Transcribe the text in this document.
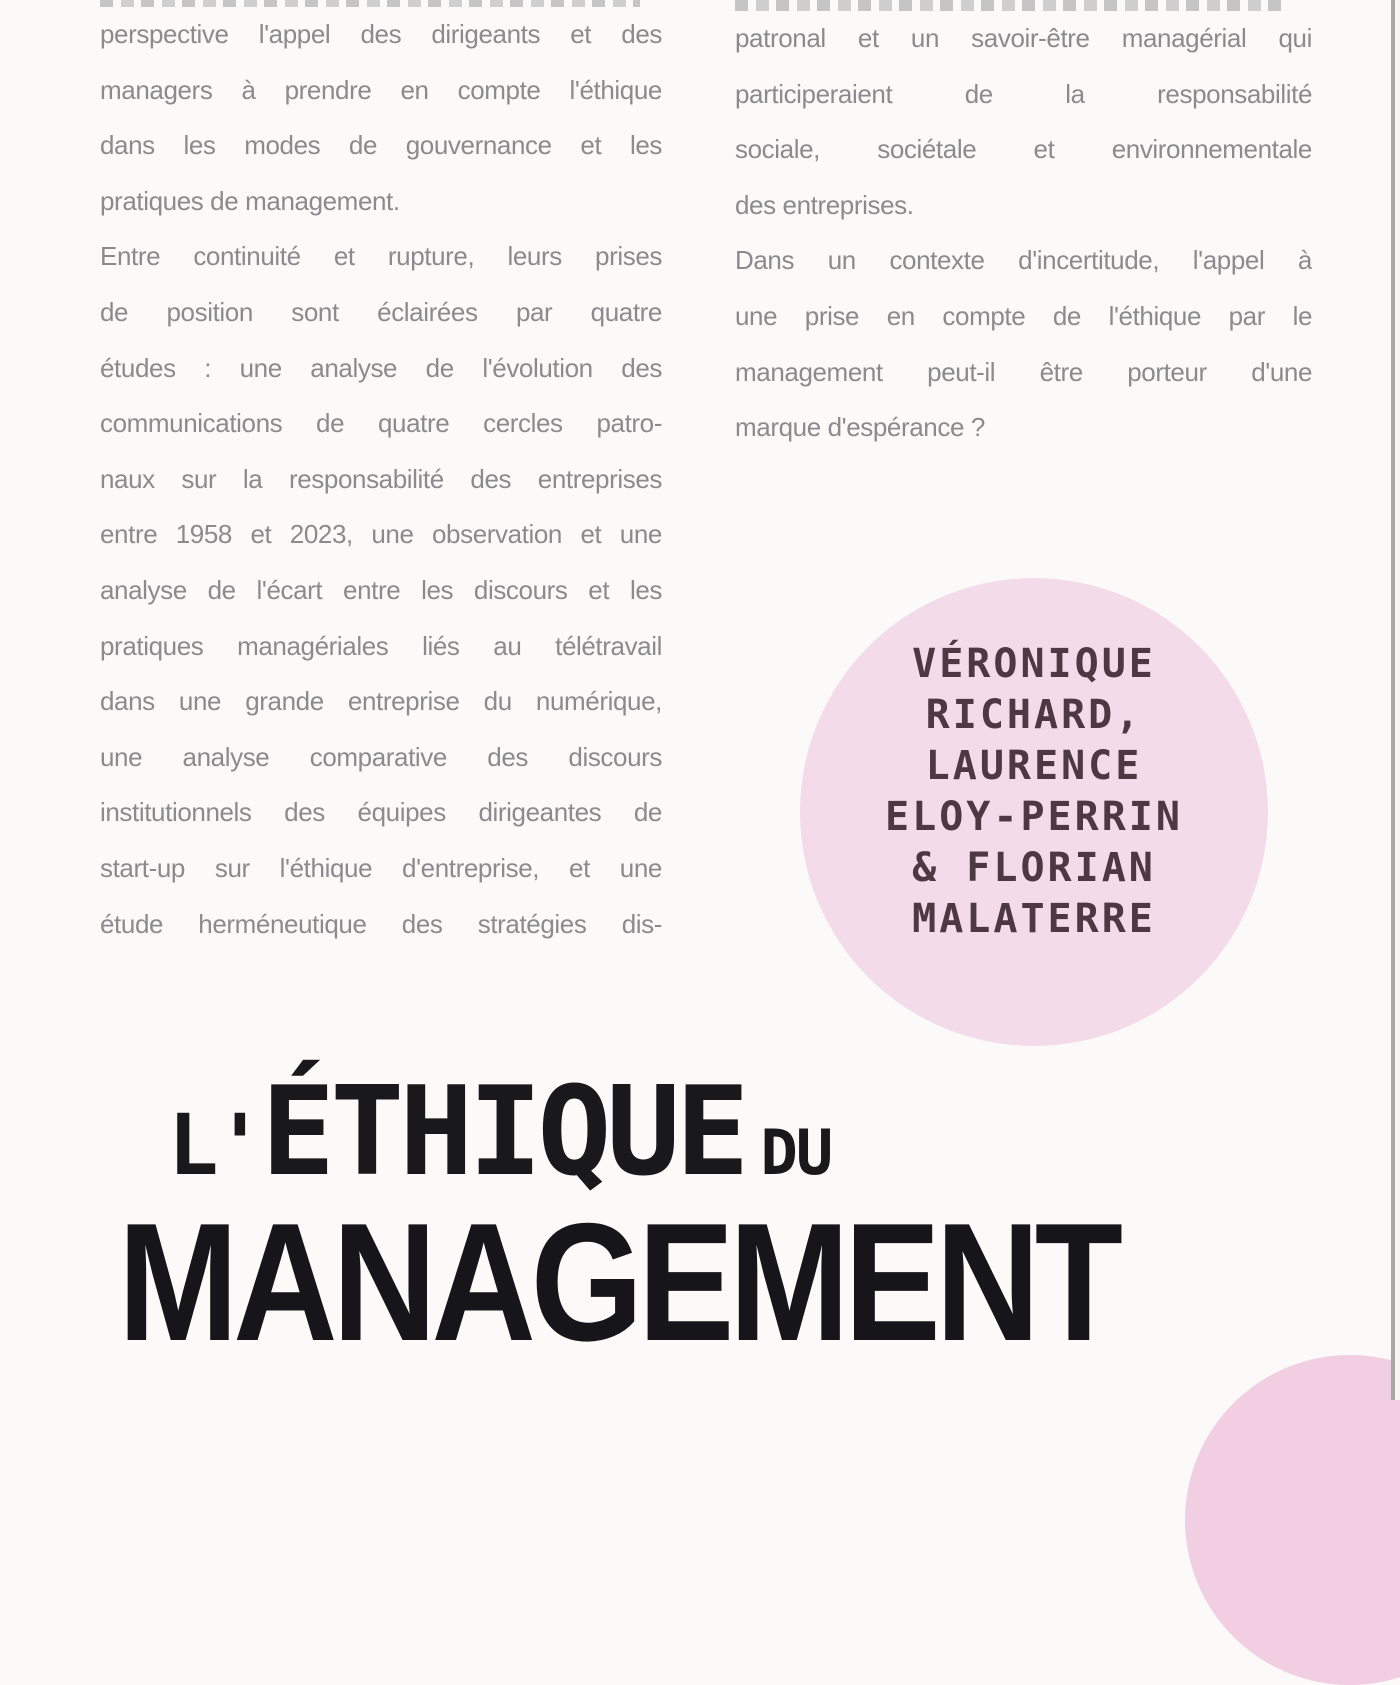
perspective l'appel des dirigeants et des
managers à prendre en compte l'éthique
dans les modes de gouvernance et les
pratiques de management.
Entre continuité et rupture, leurs prises
de position sont éclairées par quatre
études : une analyse de l'évolution des
communications de quatre cercles patro-
naux sur la responsabilité des entreprises
entre 1958 et 2023, une observation et une
analyse de l'écart entre les discours et les
pratiques managériales liés au télétravail
dans une grande entreprise du numérique,
une analyse comparative des discours
institutionnels des équipes dirigeantes de
start-up sur l'éthique d'entreprise, et une
étude herméneutique des stratégies dis-
patronal et un savoir-être managérial qui
participeraient de la responsabilité
sociale, sociétale et environnementale
des entreprises.
Dans un contexte d'incertitude, l'appel à
une prise en compte de l'éthique par le
management peut-il être porteur d'une
marque d'espérance ?
VÉRONIQUE
RICHARD,
LAURENCE
ELOY-PERRIN
& FLORIAN
MALATERRE
L' ÉTHIQUE DU
MANAGEMENT
